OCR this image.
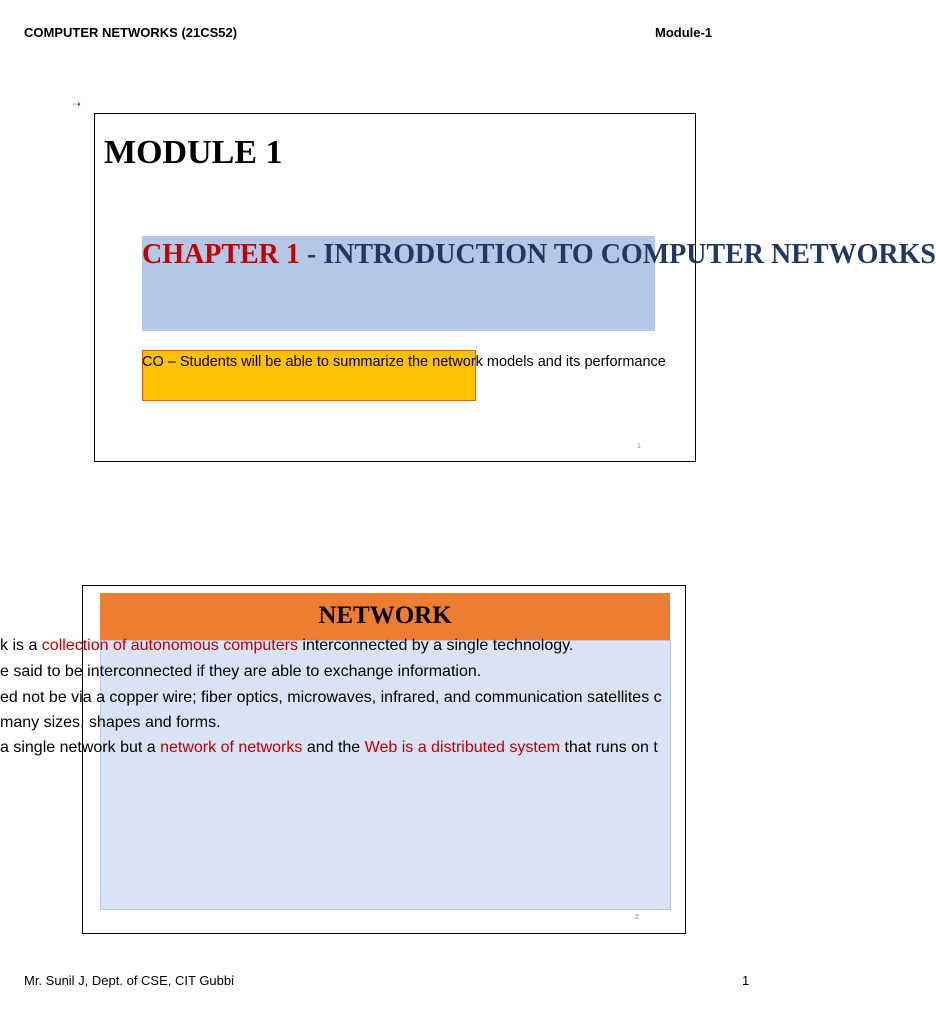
COMPUTER NETWORKS (21CS52)	Module-1
⇢
MODULE 1
CHAPTER 1 - INTRODUCTION TO COMPUTER NETWORKS
CO – Students will be able to summarize the network models and its performance
1
NETWORK
2
k is a collection of autonomous computers interconnected by a single technology.
e said to be interconnected if they are able to exchange information.
ed not be via a copper wire; fiber optics, microwaves, infrared, and communication satellites c
many sizes, shapes and forms.
a single network but a network of networks and the Web is a distributed system that runs on t
Mr. Sunil J, Dept. of CSE, CIT Gubbi	1
